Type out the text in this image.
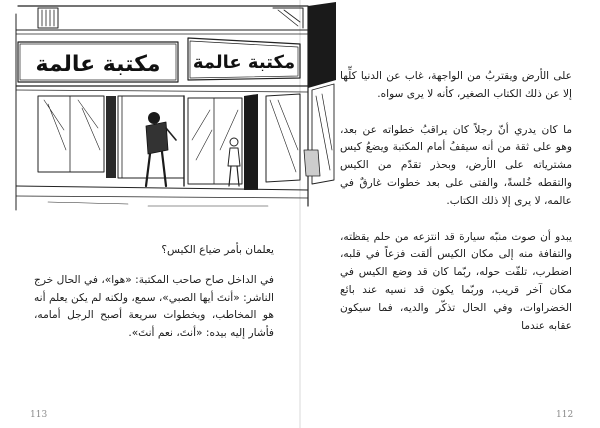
مكتبة عالمة مكتبة عالمة

يعلمان بأمر ضياع الكيس؟

في الداخل صاح صاحب المكتبة: «هوا»، في الحال خرج الناشر: «أنتَ أيها الصبي»، سمع، ولكنه لم يكن يعلم أنه هو المخاطب، وبخطوات سريعة أصبح الرجل أمامه، فأشار إليه بيده: «أنتَ، نعم أنتَ».

على الأرض ويقتربُ من الواجهة، غاب عن الدنيا كلِّها إلا عن ذلك الكتاب الصغير، كأنه لا يرى سواه.

ما كان يدري أنّ رجلاً كان يراقبُ خطواته عن بعد، وهو على ثقة من أنه سيقفُ أمام المكتبة ويضعُ كيس مشترياته على الأرض، وبحذر تقدّم من الكيس والتقطه خُلسةً، والفتى على بعد خطوات غارقٌ في عالمه، لا يرى إلا ذلك الكتاب.

يبدو أن صوت منبّه سيارة قد انتزعه من حلم يقظته، والتفافة منه إلى مكان الكيس ألقت فزعاً في قلبه، اضطرب، تلفّت حوله، ربّما كان قد وضع الكيس في مكان آخر قريب، وربّما يكون قد نسيه عند بائع الخضراوات، وفي الحال تذكّر والديه، فما سيكون عقابه عندما

113	112
